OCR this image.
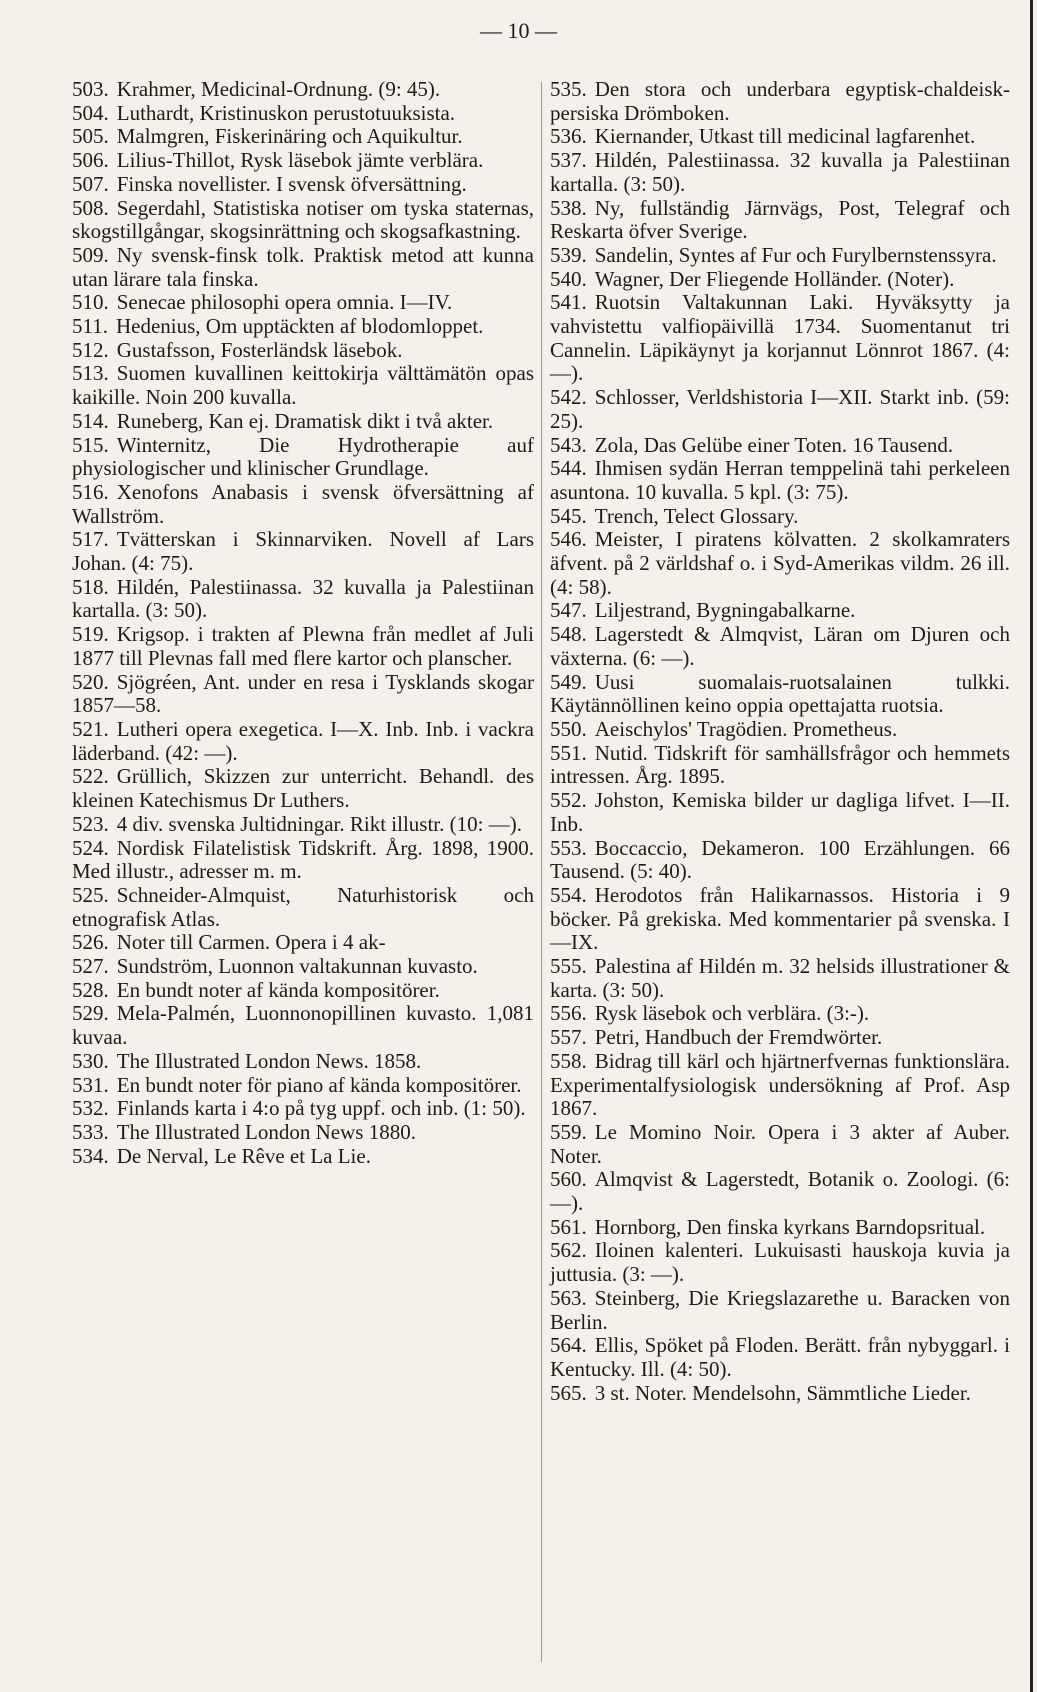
— 10 —

503. Krahmer, Medicinal-Ordnung. (9: 45).

504. Luthardt, Kristinuskon perustotuuksista.

505. Malmgren, Fiskerinäring och Aquikultur.

506. Lilius-Thillot, Rysk läsebok jämte verblära.

507. Finska novellister. I svensk öfversättning.

508. Segerdahl, Statistiska notiser om tyska staternas, skogstillgångar, skogsinrättning och skogsafkastning.

509. Ny svensk-finsk tolk. Praktisk metod att kunna utan lärare tala finska.

510. Senecae philosophi opera omnia. I—IV.

511. Hedenius, Om upptäckten af blodomloppet.

512. Gustafsson, Fosterländsk läsebok.

513. Suomen kuvallinen keittokirja välttämätön opas kaikille. Noin 200 kuvalla.

514. Runeberg, Kan ej. Dramatisk dikt i två akter.

515. Winternitz, Die Hydrotherapie auf physiologischer und klinischer Grundlage.

516. Xenofons Anabasis i svensk öfversättning af Wallström.

517. Tvätterskan i Skinnarviken. Novell af Lars Johan. (4: 75).

518. Hildén, Palestiinassa. 32 kuvalla ja Palestiinan kartalla. (3: 50).

519. Krigsop. i trakten af Plewna från medlet af Juli 1877 till Plevnas fall med flere kartor och planscher.

520. Sjögréen, Ant. under en resa i Tysklands skogar 1857—58.

521. Lutheri opera exegetica. I—X. Inb. Inb. i vackra läderband. (42: —).

522. Grüllich, Skizzen zur unterricht. Behandl. des kleinen Katechismus Dr Luthers.

523. 4 div. svenska Jultidningar. Rikt illustr. (10: —).

524. Nordisk Filatelistisk Tidskrift. Årg. 1898, 1900. Med illustr., adresser m. m.

525. Schneider-Almquist, Naturhistorisk och etnografisk Atlas.

526. Noter till Carmen. Opera i 4 ak-

527. Sundström, Luonnon valtakunnan kuvasto.

528. En bundt noter af kända kompositörer.

529. Mela-Palmén, Luonnonopillinen kuvasto. 1,081 kuvaa.

530. The Illustrated London News. 1858.

531. En bundt noter för piano af kända kompositörer.

532. Finlands karta i 4:o på tyg uppf. och inb. (1: 50).

533. The Illustrated London News 1880.

534. De Nerval, Le Rêve et La Lie.

535. Den stora och underbara egyptisk-chaldeisk-persiska Drömboken.

536. Kiernander, Utkast till medicinal lagfarenhet.

537. Hildén, Palestiinassa. 32 kuvalla ja Palestiinan kartalla. (3: 50).

538. Ny, fullständig Järnvägs, Post, Telegraf och Reskarta öfver Sverige.

539. Sandelin, Syntes af Fur och Furylbernstenssyra.

540. Wagner, Der Fliegende Holländer. (Noter).

541. Ruotsin Valtakunnan Laki. Hyväksytty ja vahvistettu valfiopäivillä 1734. Suomentanut tri Cannelin. Läpikäynyt ja korjannut Lönnrot 1867. (4: —).

542. Schlosser, Verldshistoria I—XII. Starkt inb. (59: 25).

543. Zola, Das Gelübe einer Toten. 16 Tausend.

544. Ihmisen sydän Herran temppelinä tahi perkeleen asuntona. 10 kuvalla. 5 kpl. (3: 75).

545. Trench, Telect Glossary.

546. Meister, I piratens kölvatten. 2 skolkamraters äfvent. på 2 världshaf o. i Syd-Amerikas vildm. 26 ill. (4: 58).

547. Liljestrand, Bygningabalkarne.

548. Lagerstedt & Almqvist, Läran om Djuren och växterna. (6: —).

549. Uusi suomalais-ruotsalainen tulkki. Käytännöllinen keino oppia opettajatta ruotsia.

550. Aeischylos' Tragödien. Prometheus.

551. Nutid. Tidskrift för samhällsfrågor och hemmets intressen. Årg. 1895.

552. Johston, Kemiska bilder ur dagliga lifvet. I—II. Inb.

553. Boccaccio, Dekameron. 100 Erzählungen. 66 Tausend. (5: 40).

554. Herodotos från Halikarnassos. Historia i 9 böcker. På grekiska. Med kommentarier på svenska. I—IX.

555. Palestina af Hildén m. 32 helsids illustrationer & karta. (3: 50).

556. Rysk läsebok och verblära. (3:-).

557. Petri, Handbuch der Fremdwörter.

558. Bidrag till kärl och hjärtnerfvernas funktionslära. Experimentalfysiologisk undersökning af Prof. Asp 1867.

559. Le Momino Noir. Opera i 3 akter af Auber. Noter.

560. Almqvist & Lagerstedt, Botanik o. Zoologi. (6: —).

561. Hornborg, Den finska kyrkans Barndopsritual.

562. Iloinen kalenteri. Lukuisasti hauskoja kuvia ja juttusia. (3: —).

563. Steinberg, Die Kriegslazarethe u. Baracken von Berlin.

564. Ellis, Spöket på Floden. Berätt. från nybyggarl. i Kentucky. Ill. (4: 50).

565. 3 st. Noter. Mendelsohn, Sämmtliche Lieder.
